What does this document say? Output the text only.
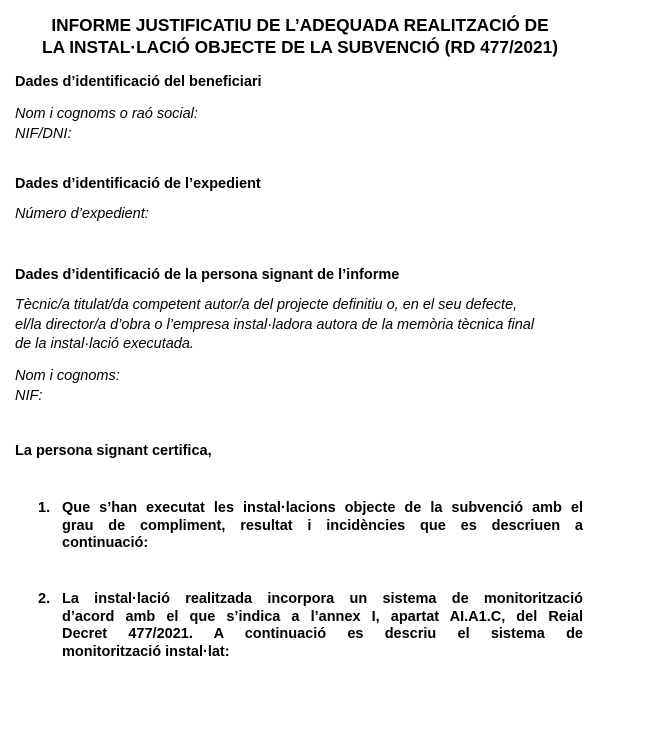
INFORME JUSTIFICATIU DE L’ADEQUADA REALITZACIÓ DE
LA INSTAL·LACIÓ OBJECTE DE LA SUBVENCIÓ (RD 477/2021)
Dades d’identificació del beneficiari
Nom i cognoms o raó social:
NIF/DNI:
Dades d’identificació de l’expedient
Número d’expedient:
Dades d’identificació de la persona signant de l’informe
Tècnic/a titulat/da competent autor/a del projecte definitiu o, en el seu defecte,
el/la director/a d’obra o l’empresa instal·ladora autora de la memòria tècnica final
de la instal·lació executada.
Nom i cognoms:
NIF:
La persona signant certifica,
1. Que s’han executat les instal·lacions objecte de la subvenció amb el
grau de compliment, resultat i incidències que es descriuen a
continuació:
2. La instal·lació realitzada incorpora un sistema de monitorització
d’acord amb el que s’indica a l’annex I, apartat AI.A1.C, del Reial
Decret 477/2021. A continuació es descriu el sistema de
monitorització instal·lat:
